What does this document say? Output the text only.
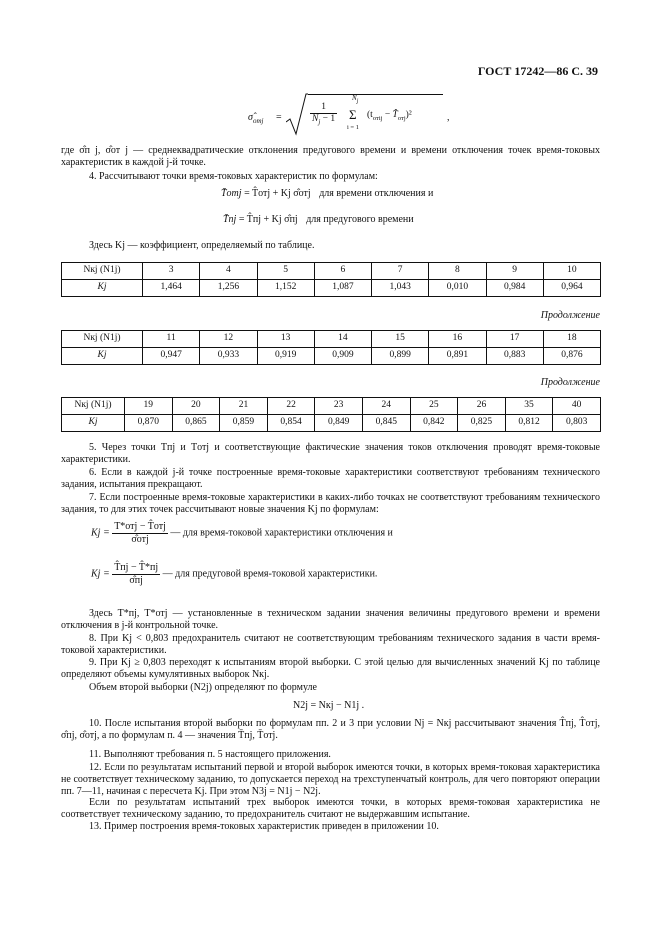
ГОСТ 17242—86 С. 39
$\sigmâ_{отj}$ =	$\frac{1}{N_j - 1}$
$N_j$
Σ
i = 1
($t_{отij}$ − $T̂_{отj})^2$	,
где σ̂п j, σ̂от j — среднеквадратические отклонения предугового времени и времени отключения точек время-токовых характеристик в каждой j-й точке.
4. Рассчитывают точки время-токовых характеристик по формулам:
T̄отj = T̂отj + Kj σ̂отj для времени отключения и
T̄пj = T̂пj + Kj σ̂пj для предугового времени
Здесь Kj — коэффициент, определяемый по таблице.
Nкj (N1j)	3	4	5	6	7	8	9	10
Kj	1,464	1,256	1,152	1,087	1,043	0,010	0,984	0,964
Продолжение
Nкj (N1j)	11	12	13	14	15	16	17	18
Kj	0,947	0,933	0,919	0,909	0,899	0,891	0,883	0,876
Продолжение
Nкj (N1j)	19	20	21	22	23	24	25	26	35	40
Kj	0,870	0,865	0,859	0,854	0,849	0,845	0,842	0,825	0,812	0,803
5. Через точки Tпj и Tотj и соответствующие фактические значения токов отключения проводят время-токовые характеристики.
6. Если в каждой j-й точке построенные время-токовые характеристики соответствуют требованиям технического задания, испытания прекращают.
7. Если построенные время-токовые характеристики в каких-либо точках не соответствуют требованиям технического задания, то для этих точек рассчитывают новые значения Kj по формулам:
$Kj = \frac{\text{T*отj − T̂отj}}{\text{σ̂отj}}$ — для время-токовой характеристики отключения и
$Kj = \frac{T̂пj - T̂*пj}{\sigmâпj}$ — для предуговой время-токовой характеристики.
Здесь T*пj, T*отj — установленные в техническом задании значения величины предугового времени и времени отключения в j-й контрольной точке.
8. При Kj < 0,803 предохранитель считают не соответствующим требованиям технического задания в части время-токовой характеристики.
9. При Kj ≥ 0,803 переходят к испытаниям второй выборки. С этой целью для вычисленных значений Kj по таблице определяют объемы кумулятивных выборок Nкj.
Объем второй выборки (N2j) определяют по формуле
N2j = Nкj − N1j .
10. После испытания второй выборки по формулам пп. 2 и 3 при условии Nj = Nкj рассчитывают значения T̂пj, T̂отj, σ̂пj, σ̂отj, а по формулам п. 4 — значения T̄пj, T̄отj.
11. Выполняют требования п. 5 настоящего приложения.
12. Если по результатам испытаний первой и второй выборок имеются точки, в которых время-токовая характеристика не соответствует техническому заданию, то допускается переход на трехступенчатый контроль, для чего повторяют операции пп. 7—11, начиная с пересчета Kj. При этом N3j = N1j − N2j.
Если по результатам испытаний трех выборок имеются точки, в которых время-токовая характеристика не соответствует техническому заданию, то предохранитель считают не выдержавшим испытание.
13. Пример построения время-токовых характеристик приведен в приложении 10.
